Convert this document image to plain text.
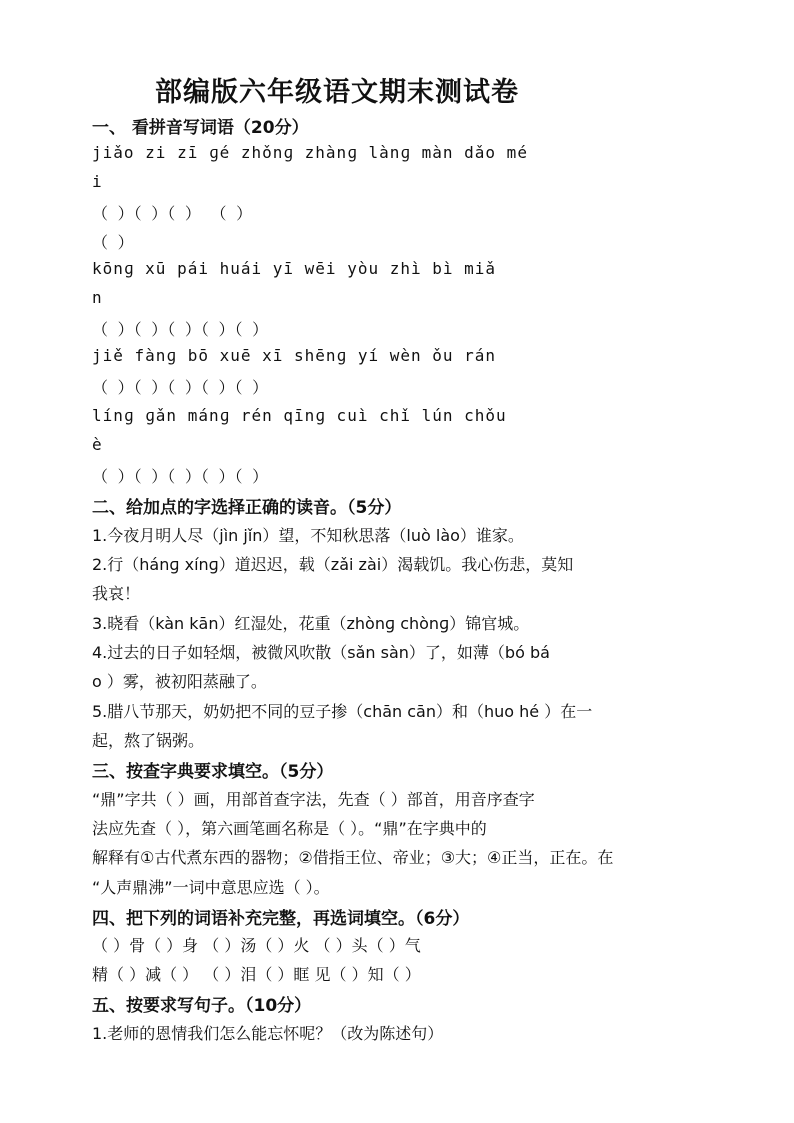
部编版六年级语文期末测试卷
一、 看拼音写词语（20分）
jiǎo zi zī ɡé zhǒnɡ zhànɡ lànɡ màn dǎo mé
i
（ ）（ ）（ ） （ ）
（ ）
kōnɡ xū pái huái yī wēi yòu zhì bì miǎ
n
（ ）（ ）（ ）（ ）（ ）
jiě fànɡ bō xuē xī shēnɡ yí wèn ǒu rán
（ ）（ ）（ ）（ ）（ ）
línɡ ɡǎn mánɡ rén qīnɡ cuì chǐ lún chǒu
è
（ ）（ ）（ ）（ ）（ ）
二、给加点的字选择正确的读音。（5分）
1.今夜月明人尽（jìn jǐn）望，不知秋思落（luò lào）谁家。
2.行（hánɡ xínɡ）道迟迟，载（zǎi zài）渴载饥。我心伤悲，莫知
我哀！
3.晓看（kàn kān）红湿处，花重（zhònɡ chònɡ）锦官城。
4.过去的日子如轻烟，被微风吹散（sǎn sàn）了，如薄（bó bá
o ）雾，被初阳蒸融了。
5.腊八节那天，奶奶把不同的豆子掺（chān cān）和（huo hé ）在一
起，熬了锅粥。
三、按查字典要求填空。（5分）
“鼎”字共（ ）画，用部首查字法，先查（ ）部首，用音序查字
法应先查（ ），第六画笔画名称是（ ）。“鼎”在字典中的
解释有①古代煮东西的器物；②借指王位、帝业；③大；④正当，正在。在
“人声鼎沸”一词中意思应选（ ）。
四、把下列的词语补充完整，再选词填空。（6分）
（ ）骨（ ）身 （ ）汤（ ）火 （ ）头（ ）气
精（ ）减（ ） （ ）泪（ ）眶 见（ ）知（ ）
五、按要求写句子。（10分）
1.老师的恩情我们怎么能忘怀呢？（改为陈述句）
